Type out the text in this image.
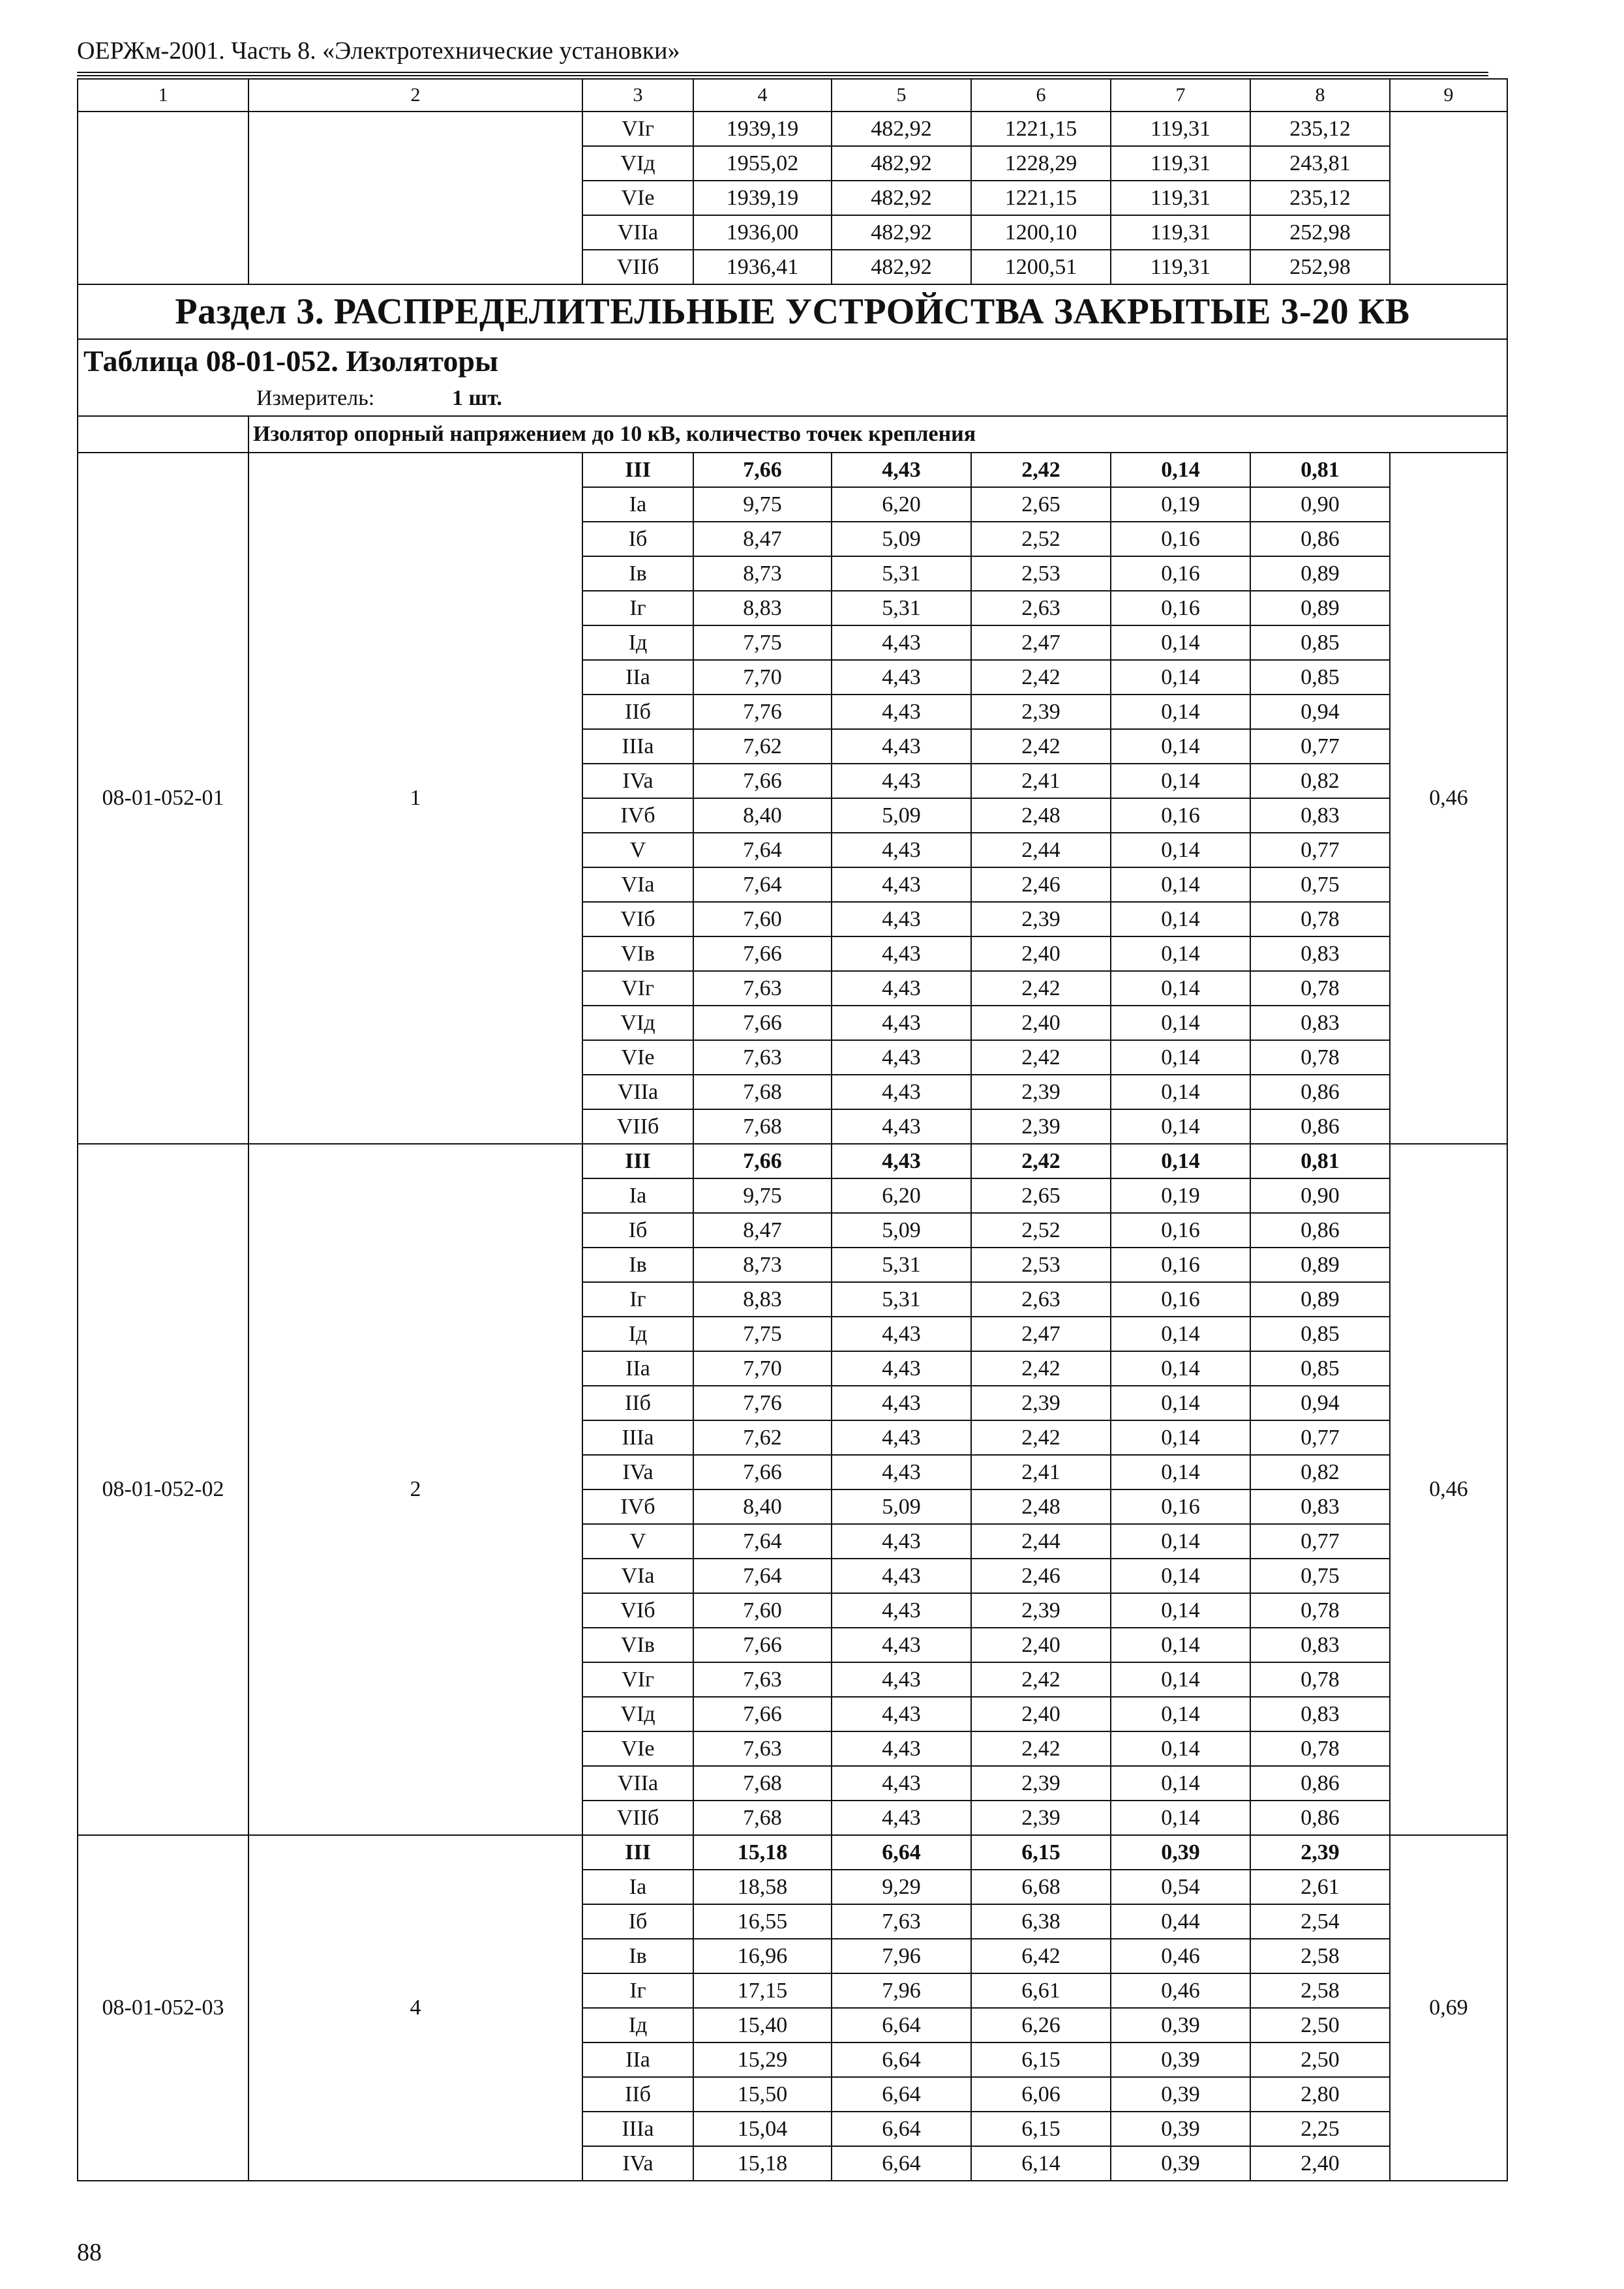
ОЕРЖм-2001. Часть 8. «Электротехнические установки»
1	2	3	4	5	6	7	8	9
		VIг	1939,19	482,92	1221,15	119,31	235,12	
		VIд	1955,02	482,92	1228,29	119,31	243,81	
		VIe	1939,19	482,92	1221,15	119,31	235,12	
		VIIa	1936,00	482,92	1200,10	119,31	252,98	
		VIIб	1936,41	482,92	1200,51	119,31	252,98	
Раздел 3. РАСПРЕДЕЛИТЕЛЬНЫЕ УСТРОЙСТВА ЗАКРЫТЫЕ 3-20 КВ								
Таблица 08-01-052. Изоляторы								
Измеритель: 1 шт.								
	Изолятор опорный напряжением до 10 кВ, количество точек крепления							
08-01-052-01	1	III	7,66	4,43	2,42	0,14	0,81	0,46
		Ia	9,75	6,20	2,65	0,19	0,90	
		Iб	8,47	5,09	2,52	0,16	0,86	
		Iв	8,73	5,31	2,53	0,16	0,89	
		Iг	8,83	5,31	2,63	0,16	0,89	
		Iд	7,75	4,43	2,47	0,14	0,85	
		IIa	7,70	4,43	2,42	0,14	0,85	
		IIб	7,76	4,43	2,39	0,14	0,94	
		IIIa	7,62	4,43	2,42	0,14	0,77	
		IVa	7,66	4,43	2,41	0,14	0,82	
		IVб	8,40	5,09	2,48	0,16	0,83	
		V	7,64	4,43	2,44	0,14	0,77	
		VIa	7,64	4,43	2,46	0,14	0,75	
		VIб	7,60	4,43	2,39	0,14	0,78	
		VIв	7,66	4,43	2,40	0,14	0,83	
		VIг	7,63	4,43	2,42	0,14	0,78	
		VIд	7,66	4,43	2,40	0,14	0,83	
		VIe	7,63	4,43	2,42	0,14	0,78	
		VIIa	7,68	4,43	2,39	0,14	0,86	
		VIIб	7,68	4,43	2,39	0,14	0,86	
08-01-052-02	2	III	7,66	4,43	2,42	0,14	0,81	0,46
		Ia	9,75	6,20	2,65	0,19	0,90	
		Iб	8,47	5,09	2,52	0,16	0,86	
		Iв	8,73	5,31	2,53	0,16	0,89	
		Iг	8,83	5,31	2,63	0,16	0,89	
		Iд	7,75	4,43	2,47	0,14	0,85	
		IIa	7,70	4,43	2,42	0,14	0,85	
		IIб	7,76	4,43	2,39	0,14	0,94	
		IIIa	7,62	4,43	2,42	0,14	0,77	
		IVa	7,66	4,43	2,41	0,14	0,82	
		IVб	8,40	5,09	2,48	0,16	0,83	
		V	7,64	4,43	2,44	0,14	0,77	
		VIa	7,64	4,43	2,46	0,14	0,75	
		VIб	7,60	4,43	2,39	0,14	0,78	
		VIв	7,66	4,43	2,40	0,14	0,83	
		VIг	7,63	4,43	2,42	0,14	0,78	
		VIд	7,66	4,43	2,40	0,14	0,83	
		VIe	7,63	4,43	2,42	0,14	0,78	
		VIIa	7,68	4,43	2,39	0,14	0,86	
		VIIб	7,68	4,43	2,39	0,14	0,86	
08-01-052-03	4	III	15,18	6,64	6,15	0,39	2,39	0,69
		Ia	18,58	9,29	6,68	0,54	2,61	
		Iб	16,55	7,63	6,38	0,44	2,54	
		Iв	16,96	7,96	6,42	0,46	2,58	
		Iг	17,15	7,96	6,61	0,46	2,58	
		Iд	15,40	6,64	6,26	0,39	2,50	
		IIa	15,29	6,64	6,15	0,39	2,50	
		IIб	15,50	6,64	6,06	0,39	2,80	
		IIIa	15,04	6,64	6,15	0,39	2,25	
		IVa	15,18	6,64	6,14	0,39	2,40	
88
